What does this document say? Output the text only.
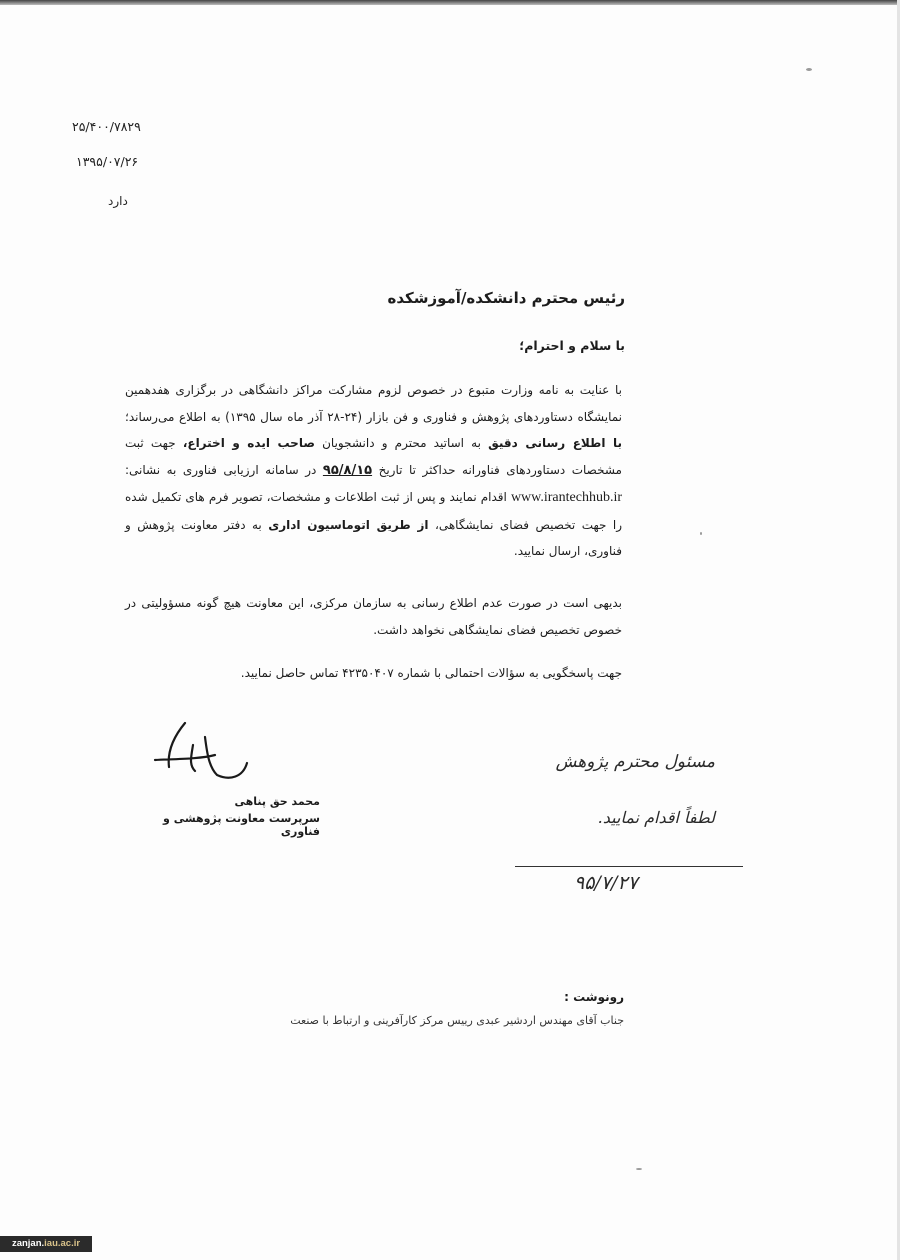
۲۵/۴۰۰/۷۸۲۹
۱۳۹۵/۰۷/۲۶
دارد
رئیس محترم دانشکده/آموزشکده
با سلام و احترام؛
با عنایت به نامه وزارت متبوع در خصوص لزوم مشارکت مراکز دانشگاهی در برگزاری هفدهمین نمایشگاه دستاوردهای پژوهش و فناوری و فن بازار (۲۴-۲۸ آذر ماه سال ۱۳۹۵) به اطلاع می‌رساند؛ با اطلاع رسانی دقیق به اساتید محترم و دانشجویان صاحب ایده و اختراع، جهت ثبت مشخصات دستاوردهای فناورانه حداکثر تا تاریخ ۹۵/۸/۱۵ در سامانه ارزیابی فناوری به نشانی: www.irantechhub.ir اقدام نمایند و پس از ثبت اطلاعات و مشخصات، تصویر فرم های تکمیل شده را جهت تخصیص فضای نمایشگاهی، از طریق اتوماسیون اداری به دفتر معاونت پژوهش و فناوری، ارسال نمایید.
بدیهی است در صورت عدم اطلاع رسانی به سازمان مرکزی، این معاونت هیچ گونه مسؤولیتی در خصوص تخصیص فضای نمایشگاهی نخواهد داشت.
جهت پاسخگویی به سؤالات احتمالی با شماره ۴۲۳۵۰۴۰۷ تماس حاصل نمایید.
محمد حق پناهی
سرپرست معاونت پژوهشی و فناوری
مسئول محترم پژوهش
لطفاً اقدام نمایید.
۹۵/۷/۲۷
رونوشت :
جناب آقای مهندس اردشیر عبدی رییس مرکز کارآفرینی و ارتباط با صنعت
zanjan.iau.ac.ir
